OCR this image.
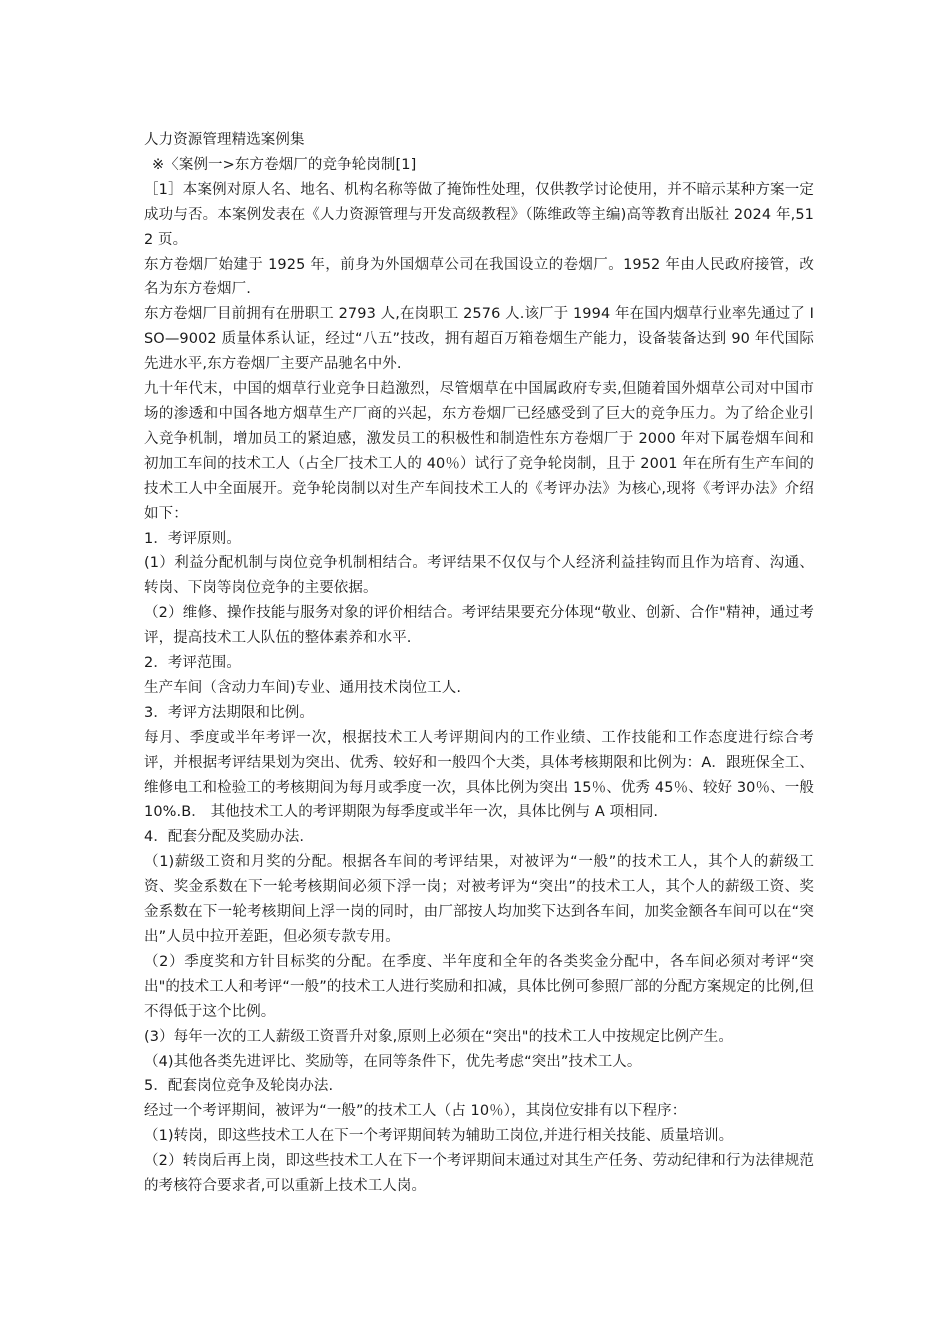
人力资源管理精选案例集

※〈案例一>东方卷烟厂的竞争轮岗制[1]

［1］本案例对原人名、地名、机构名称等做了掩饰性处理，仅供教学讨论使用，并不暗示某种方案一定成功与否。本案例发表在《人力资源管理与开发高级教程》（陈维政等主编)高等教育出版社 2024 年,512 页。

东方卷烟厂始建于 1925 年，前身为外国烟草公司在我国设立的卷烟厂。1952 年由人民政府接管，改名为东方卷烟厂.

东方卷烟厂目前拥有在册职工 2793 人,在岗职工 2576 人.该厂于 1994 年在国内烟草行业率先通过了 ISO—9002 质量体系认证，经过“八五”技改，拥有超百万箱卷烟生产能力，设备装备达到 90 年代国际先进水平,东方卷烟厂主要产品驰名中外.

九十年代末，中国的烟草行业竞争日趋激烈，尽管烟草在中国属政府专卖,但随着国外烟草公司对中国市场的渗透和中国各地方烟草生产厂商的兴起，东方卷烟厂已经感受到了巨大的竞争压力。为了给企业引入竞争机制，增加员工的紧迫感，激发员工的积极性和制造性东方卷烟厂于 2000 年对下属卷烟车间和初加工车间的技术工人（占全厂技术工人的 40％）试行了竞争轮岗制，且于 2001 年在所有生产车间的技术工人中全面展开。竞争轮岗制以对生产车间技术工人的《考评办法》为核心,现将《考评办法》介绍如下：

1．考评原则。

(1）利益分配机制与岗位竞争机制相结合。考评结果不仅仅与个人经济利益挂钩而且作为培育、沟通、转岗、下岗等岗位竞争的主要依据。

（2）维修、操作技能与服务对象的评价相结合。考评结果要充分体现“敬业、创新、合作"精神，通过考评，提高技术工人队伍的整体素养和水平.

2．考评范围。

生产车间（含动力车间)专业、通用技术岗位工人.

3．考评方法期限和比例。

每月、季度或半年考评一次，根据技术工人考评期间内的工作业绩、工作技能和工作态度进行综合考评，并根据考评结果划为突出、优秀、较好和一般四个大类，具体考核期限和比例为：A．跟班保全工、维修电工和检验工的考核期间为每月或季度一次，具体比例为突出 15％、优秀 45％、较好 30％、一般 10%.B． 其他技术工人的考评期限为每季度或半年一次，具体比例与 A 项相同.

4．配套分配及奖励办法.

（1)薪级工资和月奖的分配。根据各车间的考评结果，对被评为“一般”的技术工人，其个人的薪级工资、奖金系数在下一轮考核期间必须下浮一岗；对被考评为“突出”的技术工人，其个人的薪级工资、奖金系数在下一轮考核期间上浮一岗的同时，由厂部按人均加奖下达到各车间，加奖金额各车间可以在“突出”人员中拉开差距，但必须专款专用。

（2）季度奖和方针目标奖的分配。在季度、半年度和全年的各类奖金分配中，各车间必须对考评“突出"的技术工人和考评“一般”的技术工人进行奖励和扣减，具体比例可参照厂部的分配方案规定的比例,但不得低于这个比例。

(3）每年一次的工人薪级工资晋升对象,原则上必须在“突出"的技术工人中按规定比例产生。

（4)其他各类先进评比、奖励等，在同等条件下，优先考虑“突出”技术工人。

5．配套岗位竞争及轮岗办法.

经过一个考评期间，被评为“一般”的技术工人（占 10％），其岗位安排有以下程序：

（1)转岗，即这些技术工人在下一个考评期间转为辅助工岗位,并进行相关技能、质量培训。

（2）转岗后再上岗，即这些技术工人在下一个考评期间末通过对其生产任务、劳动纪律和行为法律规范的考核符合要求者,可以重新上技术工人岗。
